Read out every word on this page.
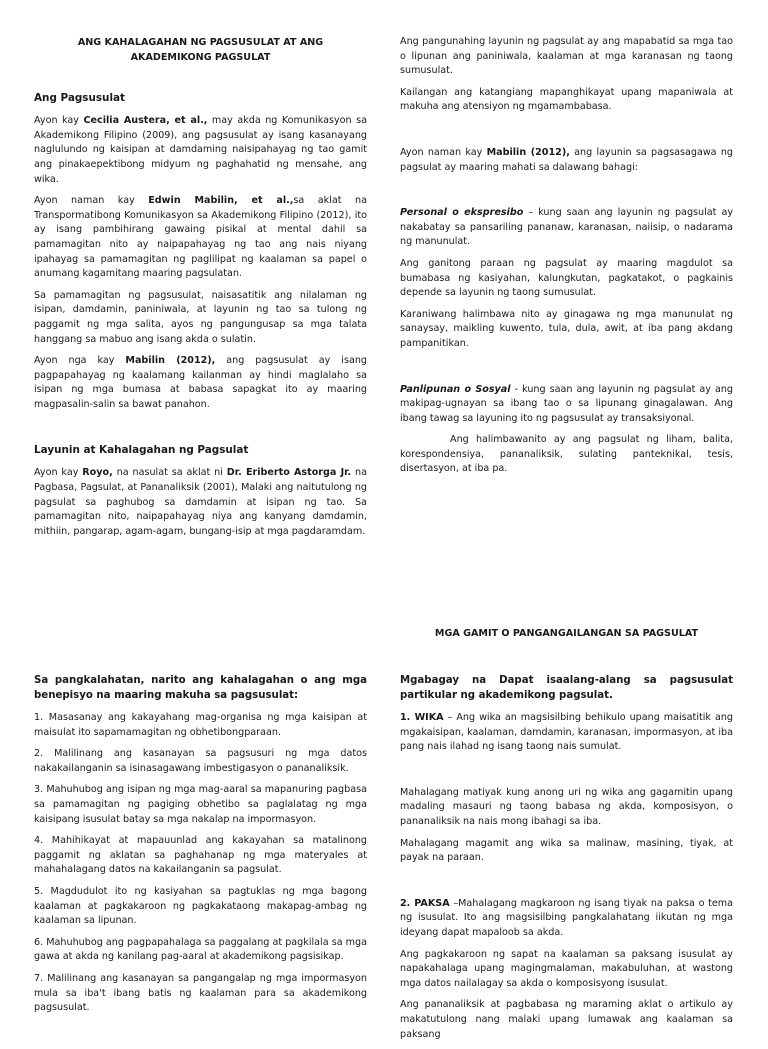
ANG KAHALAGAHAN NG PAGSUSULAT AT ANG
AKADEMIKONG PAGSULAT
Ang Pagsusulat

Ayon kay Cecilia Austera, et al., may akda ng Komunikasyon sa Akademikong Filipino (2009), ang pagsusulat ay isang kasanayang naglulundo ng kaisipan at damdaming naisipahayag ng tao gamit ang pinakaepektibong midyum ng paghahatid ng mensahe, ang wika.

Ayon naman kay Edwin Mabilin, et al.,sa aklat na Transpormatibong Komunikasyon sa Akademikong Filipino (2012), ito ay isang pambihirang gawaing pisikal at mental dahil sa pamamagitan nito ay naipapahayag ng tao ang nais niyang ipahayag sa pamamagitan ng paglilipat ng kaalaman sa papel o anumang kagamitang maaring pagsulatan.

Sa pamamagitan ng pagsusulat, naisasatitik ang nilalaman ng isipan, damdamin, paniniwala, at layunin ng tao sa tulong ng paggamit ng mga salita, ayos ng pangungusap sa mga talata hanggang sa mabuo ang isang akda o sulatin.

Ayon nga kay Mabilin (2012), ang pagsusulat ay isang pagpapahayag ng kaalamang kailanman ay hindi maglalaho sa isipan ng mga bumasa at babasa sapagkat ito ay maaring magpasalin-salin sa bawat panahon.

Layunin at Kahalagahan ng Pagsulat

Ayon kay Royo, na nasulat sa aklat ni Dr. Eriberto Astorga Jr. na Pagbasa, Pagsulat, at Pananaliksik (2001), Malaki ang naitutulong ng pagsulat sa paghubog sa damdamin at isipan ng tao. Sa pamamagitan nito, naipapahayag niya ang kanyang damdamin, mithiin, pangarap, agam-agam, bungang-isip at mga pagdaramdam.

Ang pangunahing layunin ng pagsulat ay ang mapabatid sa mga tao o lipunan ang paniniwala, kaalaman at mga karanasan ng taong sumusulat.

Kailangan ang katangiang mapanghikayat upang mapaniwala at makuha ang atensiyon ng mgamambabasa.

Ayon naman kay Mabilin (2012), ang layunin sa pagsasagawa ng pagsulat ay maaring mahati sa dalawang bahagi:

Personal o ekspresibo – kung saan ang layunin ng pagsulat ay nakabatay sa pansariling pananaw, karanasan, naiisip, o nadarama ng manunulat.

Ang ganitong paraan ng pagsulat ay maaring magdulot sa bumabasa ng kasiyahan, kalungkutan, pagkatakot, o pagkainis depende sa layunin ng taong sumusulat.

Karaniwang halimbawa nito ay ginagawa ng mga manunulat ng sanaysay, maikling kuwento, tula, dula, awit, at iba pang akdang pampanitikan.

Panlipunan o Sosyal - kung saan ang layunin ng pagsulat ay ang makipag-ugnayan sa ibang tao o sa lipunang ginagalawan. Ang ibang tawag sa layuning ito ng pagsusulat ay transaksiyonal.

Ang halimbawanito ay ang pagsulat ng liham, balita, korespondensiya, pananaliksik, sulating panteknikal, tesis, disertasyon, at iba pa.

MGA GAMIT O PANGANGAILANGAN SA PAGSULAT
Sa pangkalahatan, narito ang kahalagahan o ang mga benepisyo na maaring makuha sa pagsusulat:

1. Masasanay ang kakayahang mag-organisa ng mga kaisipan at maisulat ito sapamamagitan ng obhetibongparaan.

2. Malilinang ang kasanayan sa pagsusuri ng mga datos nakakailanganin sa isinasagawang imbestigasyon o pananaliksik.

3. Mahuhubog ang isipan ng mga mag-aaral sa mapanuring pagbasa sa pamamagitan ng pagiging obhetibo sa paglalatag ng mga kaisipang isusulat batay sa mga nakalap na impormasyon.

4. Mahihikayat at mapauunlad ang kakayahan sa matalinong paggamit ng aklatan sa paghahanap ng mga materyales at mahahalagang datos na kakailanganin sa pagsulat.

5. Magdudulot ito ng kasiyahan sa pagtuklas ng mga bagong kaalaman at pagkakaroon ng pagkakataong makapag-ambag ng kaalaman sa lipunan.

6. Mahuhubog ang pagpapahalaga sa paggalang at pagkilala sa mga gawa at akda ng kanilang pag-aaral at akademikong pagsisikap.

7. Malilinang ang kasanayan sa pangangalap ng mga impormasyon mula sa iba't ibang batis ng kaalaman para sa akademikong pagsusulat.

Mgabagay na Dapat isaalang-alang sa pagsusulat partikular ng akademikong pagsulat.

1. WIKA – Ang wika an magsisilbing behikulo upang maisatitik ang mgakaisipan, kaalaman, damdamin, karanasan, impormasyon, at iba pang nais ilahad ng isang taong nais sumulat.

Mahalagang matiyak kung anong uri ng wika ang gagamitin upang madaling masauri ng taong babasa ng akda, komposisyon, o pananaliksik na nais mong ibahagi sa iba.

Mahalagang magamit ang wika sa malinaw, masining, tiyak, at payak na paraan.

2. PAKSA –Mahalagang magkaroon ng isang tiyak na paksa o tema ng isusulat. Ito ang magsisilbing pangkalahatang iikutan ng mga ideyang dapat mapaloob sa akda.

Ang pagkakaroon ng sapat na kaalaman sa paksang isusulat ay napakahalaga upang magingmalaman, makabuluhan, at wastong mga datos nailalagay sa akda o komposisyong isusulat.

Ang pananaliksik at pagbabasa ng maraming aklat o artikulo ay makatutulong nang malaki upang lumawak ang kaalaman sa paksang
